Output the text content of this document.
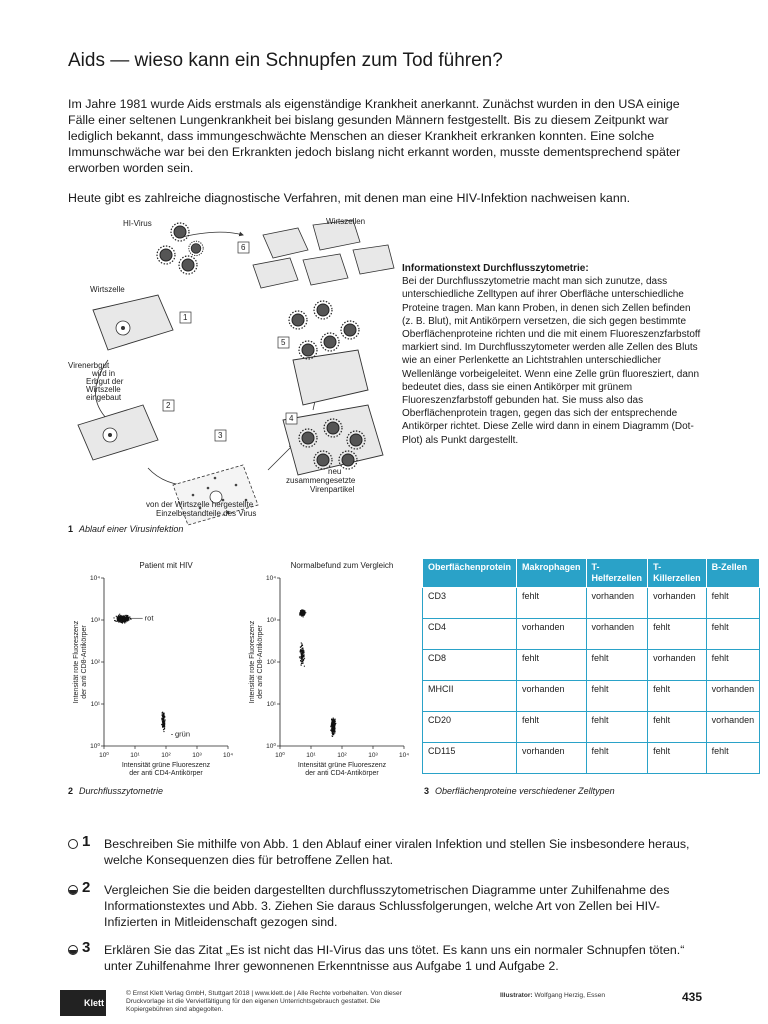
Aids — wieso kann ein Schnupfen zum Tod führen?

Im Jahre 1981 wurde Aids erstmals als eigenständige Krankheit anerkannt. Zunächst wurden in den USA einige Fälle einer seltenen Lungenkrankheit bei bislang gesunden Männern festgestellt. Bis zu diesem Zeitpunkt war lediglich bekannt, dass immungeschwächte Menschen an dieser Krankheit erkranken konnten. Eine solche Immunschwäche war bei den Erkrankten jedoch bislang nicht erkannt worden, musste dementsprechend später erworben worden sein.

Heute gibt es zahlreiche diagnostische Verfahren, mit denen man eine HIV-Infektion nachweisen kann.

1
2
3
4
5
6
HI-Virus	Wirtszellen
Wirtszelle
Virenerbgut
wird in
Erbgut der
Wirtszelle
eingebaut
neu
zusammengesetzte
Virenpartikel
von der Wirtszelle hergestellte
Einzelbestandteile des Virus
1 Ablauf einer Virusinfektion
Informationstext Durchflusszytometrie:
Bei der Durchflusszytometrie macht man sich zunutze, dass unterschiedliche Zelltypen auf ihrer Oberfläche unterschiedliche Proteine tragen. Man kann Proben, in denen sich Zellen befinden (z. B. Blut), mit Antikörpern versetzen, die sich gegen bestimmte Oberflächenproteine richten und die mit einem Fluoreszenzfarbstoff markiert sind. Im Durchflusszytometer werden alle Zellen des Bluts wie an einer Perlenkette an Lichtstrahlen unterschiedlicher Wellenlänge vorbeigeleitet. Wenn eine Zelle grün fluoresziert, dann bedeutet dies, dass sie einen Antikörper mit grünem Fluoreszenzfarbstoff gebunden hat. Sie muss also das Oberflächenprotein tragen, gegen das sich der entsprechende Antikörper richtet. Diese Zelle wird dann in einem Diagramm (Dot-Plot) als Punkt dargestellt.
Patient mit HIV
10⁰	10¹	10²	10³	10⁴
10⁰
10¹
10²
10³
10⁴
Intensität grüne Fluoreszenz
der anti CD4-Antikörper
Intensität rote Fluoreszenz der anti CD8-Antikörper
rot
grün
Normalbefund zum Vergleich
10⁰	10¹	10²	10³	10⁴
10⁰
10¹
10²
10³
10⁴
Intensität grüne Fluoreszenz
der anti CD4-Antikörper
Intensität rote Fluoreszenz der anti CD8-Antikörper
2 Durchflusszytometrie
Oberflächenprotein	Makrophagen	T-Helferzellen	T-Killerzellen	B-Zellen
CD3	fehlt	vorhanden	vorhanden	fehlt
CD4	vorhanden	vorhanden	fehlt	fehlt
CD8	fehlt	fehlt	vorhanden	fehlt
MHCII	vorhanden	fehlt	fehlt	vorhanden
CD20	fehlt	fehlt	fehlt	vorhanden
CD115	vorhanden	fehlt	fehlt	fehlt
3 Oberflächenproteine verschiedener Zelltypen
1 Beschreiben Sie mithilfe von Abb. 1 den Ablauf einer viralen Infektion und stellen Sie insbesondere heraus, welche Konsequenzen dies für betroffene Zellen hat.
2 Vergleichen Sie die beiden dargestellten durchflusszytometrischen Diagramme unter Zuhilfenahme des Informationstextes und Abb. 3. Ziehen Sie daraus Schlussfolgerungen, welche Art von Zellen bei HIV-Infizierten in Mitleidenschaft gezogen sind.
3 Erklären Sie das Zitat „Es ist nicht das HI-Virus das uns tötet. Es kann uns ein normaler Schnupfen töten.“ unter Zuhilfenahme Ihrer gewonnenen Erkenntnisse aus Aufgabe 1 und Aufgabe 2.
Klett
© Ernst Klett Verlag GmbH, Stuttgart 2018 | www.klett.de | Alle Rechte vorbehalten. Von dieser Druckvorlage ist die Vervielfältigung für den eigenen Unterrichtsgebrauch gestattet. Die Kopiergebühren sind abgegolten.
Illustrator: Wolfgang Herzig, Essen	435
